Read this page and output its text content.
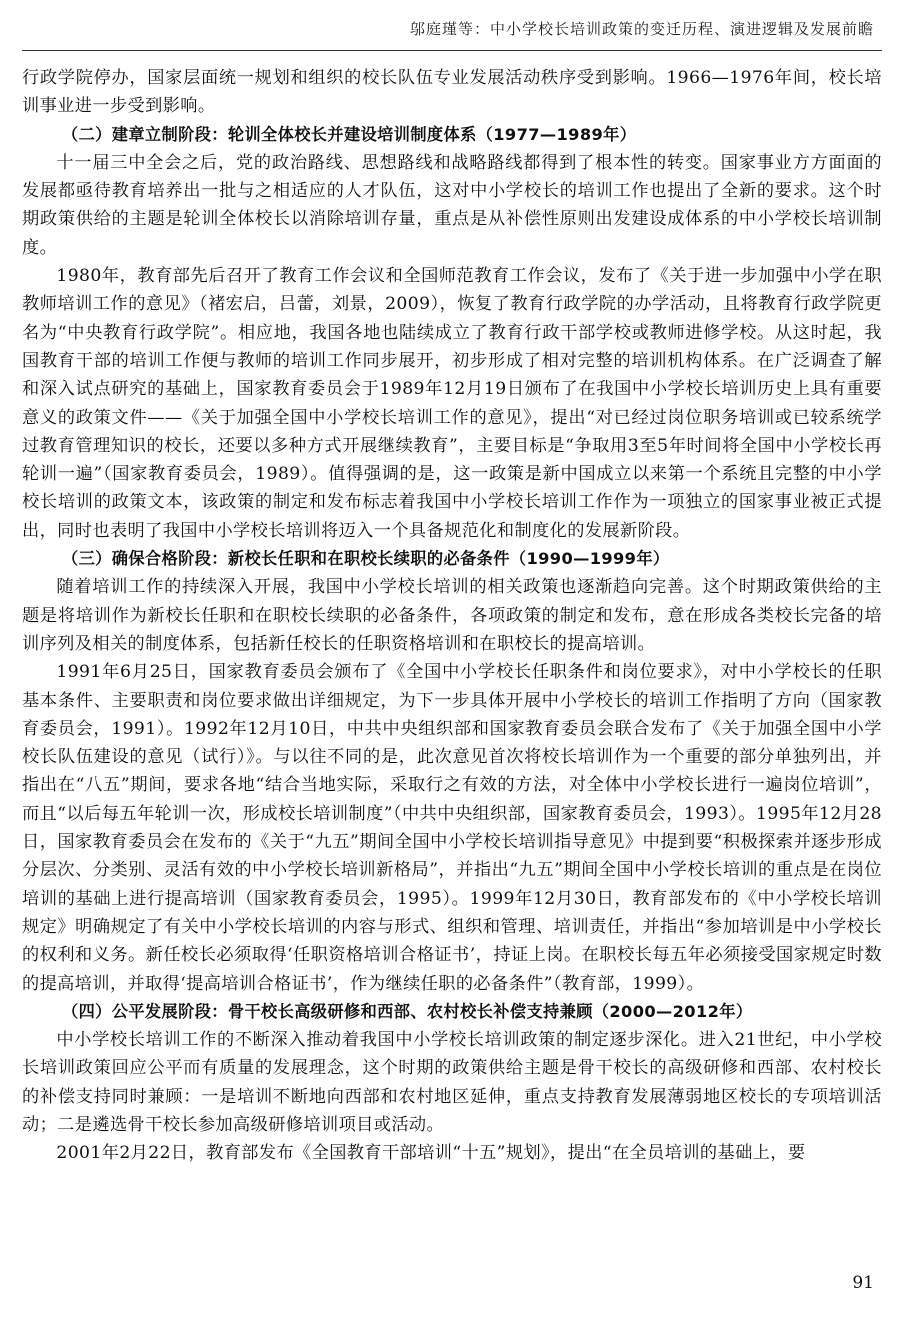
邬庭瑾等：中小学校长培训政策的变迁历程、演进逻辑及发展前瞻

行政学院停办，国家层面统一规划和组织的校长队伍专业发展活动秩序受到影响。1966—1976年间，校长培训事业进一步受到影响。

（二）建章立制阶段：轮训全体校长并建设培训制度体系（1977—1989年）

十一届三中全会之后，党的政治路线、思想路线和战略路线都得到了根本性的转变。国家事业方方面面的发展都亟待教育培养出一批与之相适应的人才队伍，这对中小学校长的培训工作也提出了全新的要求。这个时期政策供给的主题是轮训全体校长以消除培训存量，重点是从补偿性原则出发建设成体系的中小学校长培训制度。

1980年，教育部先后召开了教育工作会议和全国师范教育工作会议，发布了《关于进一步加强中小学在职教师培训工作的意见》（褚宏启，吕蕾，刘景，2009），恢复了教育行政学院的办学活动，且将教育行政学院更名为“中央教育行政学院”。相应地，我国各地也陆续成立了教育行政干部学校或教师进修学校。从这时起，我国教育干部的培训工作便与教师的培训工作同步展开，初步形成了相对完整的培训机构体系。在广泛调查了解和深入试点研究的基础上，国家教育委员会于1989年12月19日颁布了在我国中小学校长培训历史上具有重要意义的政策文件——《关于加强全国中小学校长培训工作的意见》，提出“对已经过岗位职务培训或已较系统学过教育管理知识的校长，还要以多种方式开展继续教育”，主要目标是“争取用3至5年时间将全国中小学校长再轮训一遍”（国家教育委员会，1989）。值得强调的是，这一政策是新中国成立以来第一个系统且完整的中小学校长培训的政策文本，该政策的制定和发布标志着我国中小学校长培训工作作为一项独立的国家事业被正式提出，同时也表明了我国中小学校长培训将迈入一个具备规范化和制度化的发展新阶段。

（三）确保合格阶段：新校长任职和在职校长续职的必备条件（1990—1999年）

随着培训工作的持续深入开展，我国中小学校长培训的相关政策也逐渐趋向完善。这个时期政策供给的主题是将培训作为新校长任职和在职校长续职的必备条件，各项政策的制定和发布，意在形成各类校长完备的培训序列及相关的制度体系，包括新任校长的任职资格培训和在职校长的提高培训。

1991年6月25日，国家教育委员会颁布了《全国中小学校长任职条件和岗位要求》，对中小学校长的任职基本条件、主要职责和岗位要求做出详细规定，为下一步具体开展中小学校长的培训工作指明了方向（国家教育委员会，1991）。1992年12月10日，中共中央组织部和国家教育委员会联合发布了《关于加强全国中小学校长队伍建设的意见（试行）》。与以往不同的是，此次意见首次将校长培训作为一个重要的部分单独列出，并指出在“八五”期间，要求各地“结合当地实际，采取行之有效的方法，对全体中小学校长进行一遍岗位培训”，而且“以后每五年轮训一次，形成校长培训制度”（中共中央组织部，国家教育委员会，1993）。1995年12月28日，国家教育委员会在发布的《关于“九五”期间全国中小学校长培训指导意见》中提到要“积极探索并逐步形成分层次、分类别、灵活有效的中小学校长培训新格局”，并指出“九五”期间全国中小学校长培训的重点是在岗位培训的基础上进行提高培训（国家教育委员会，1995）。1999年12月30日，教育部发布的《中小学校长培训规定》明确规定了有关中小学校长培训的内容与形式、组织和管理、培训责任，并指出“参加培训是中小学校长的权利和义务。新任校长必须取得‘任职资格培训合格证书’，持证上岗。在职校长每五年必须接受国家规定时数的提高培训，并取得‘提高培训合格证书’，作为继续任职的必备条件”（教育部，1999）。

（四）公平发展阶段：骨干校长高级研修和西部、农村校长补偿支持兼顾（2000—2012年）

中小学校长培训工作的不断深入推动着我国中小学校长培训政策的制定逐步深化。进入21世纪，中小学校长培训政策回应公平而有质量的发展理念，这个时期的政策供给主题是骨干校长的高级研修和西部、农村校长的补偿支持同时兼顾：一是培训不断地向西部和农村地区延伸，重点支持教育发展薄弱地区校长的专项培训活动；二是遴选骨干校长参加高级研修培训项目或活动。

2001年2月22日，教育部发布《全国教育干部培训“十五”规划》，提出“在全员培训的基础上，要

91
